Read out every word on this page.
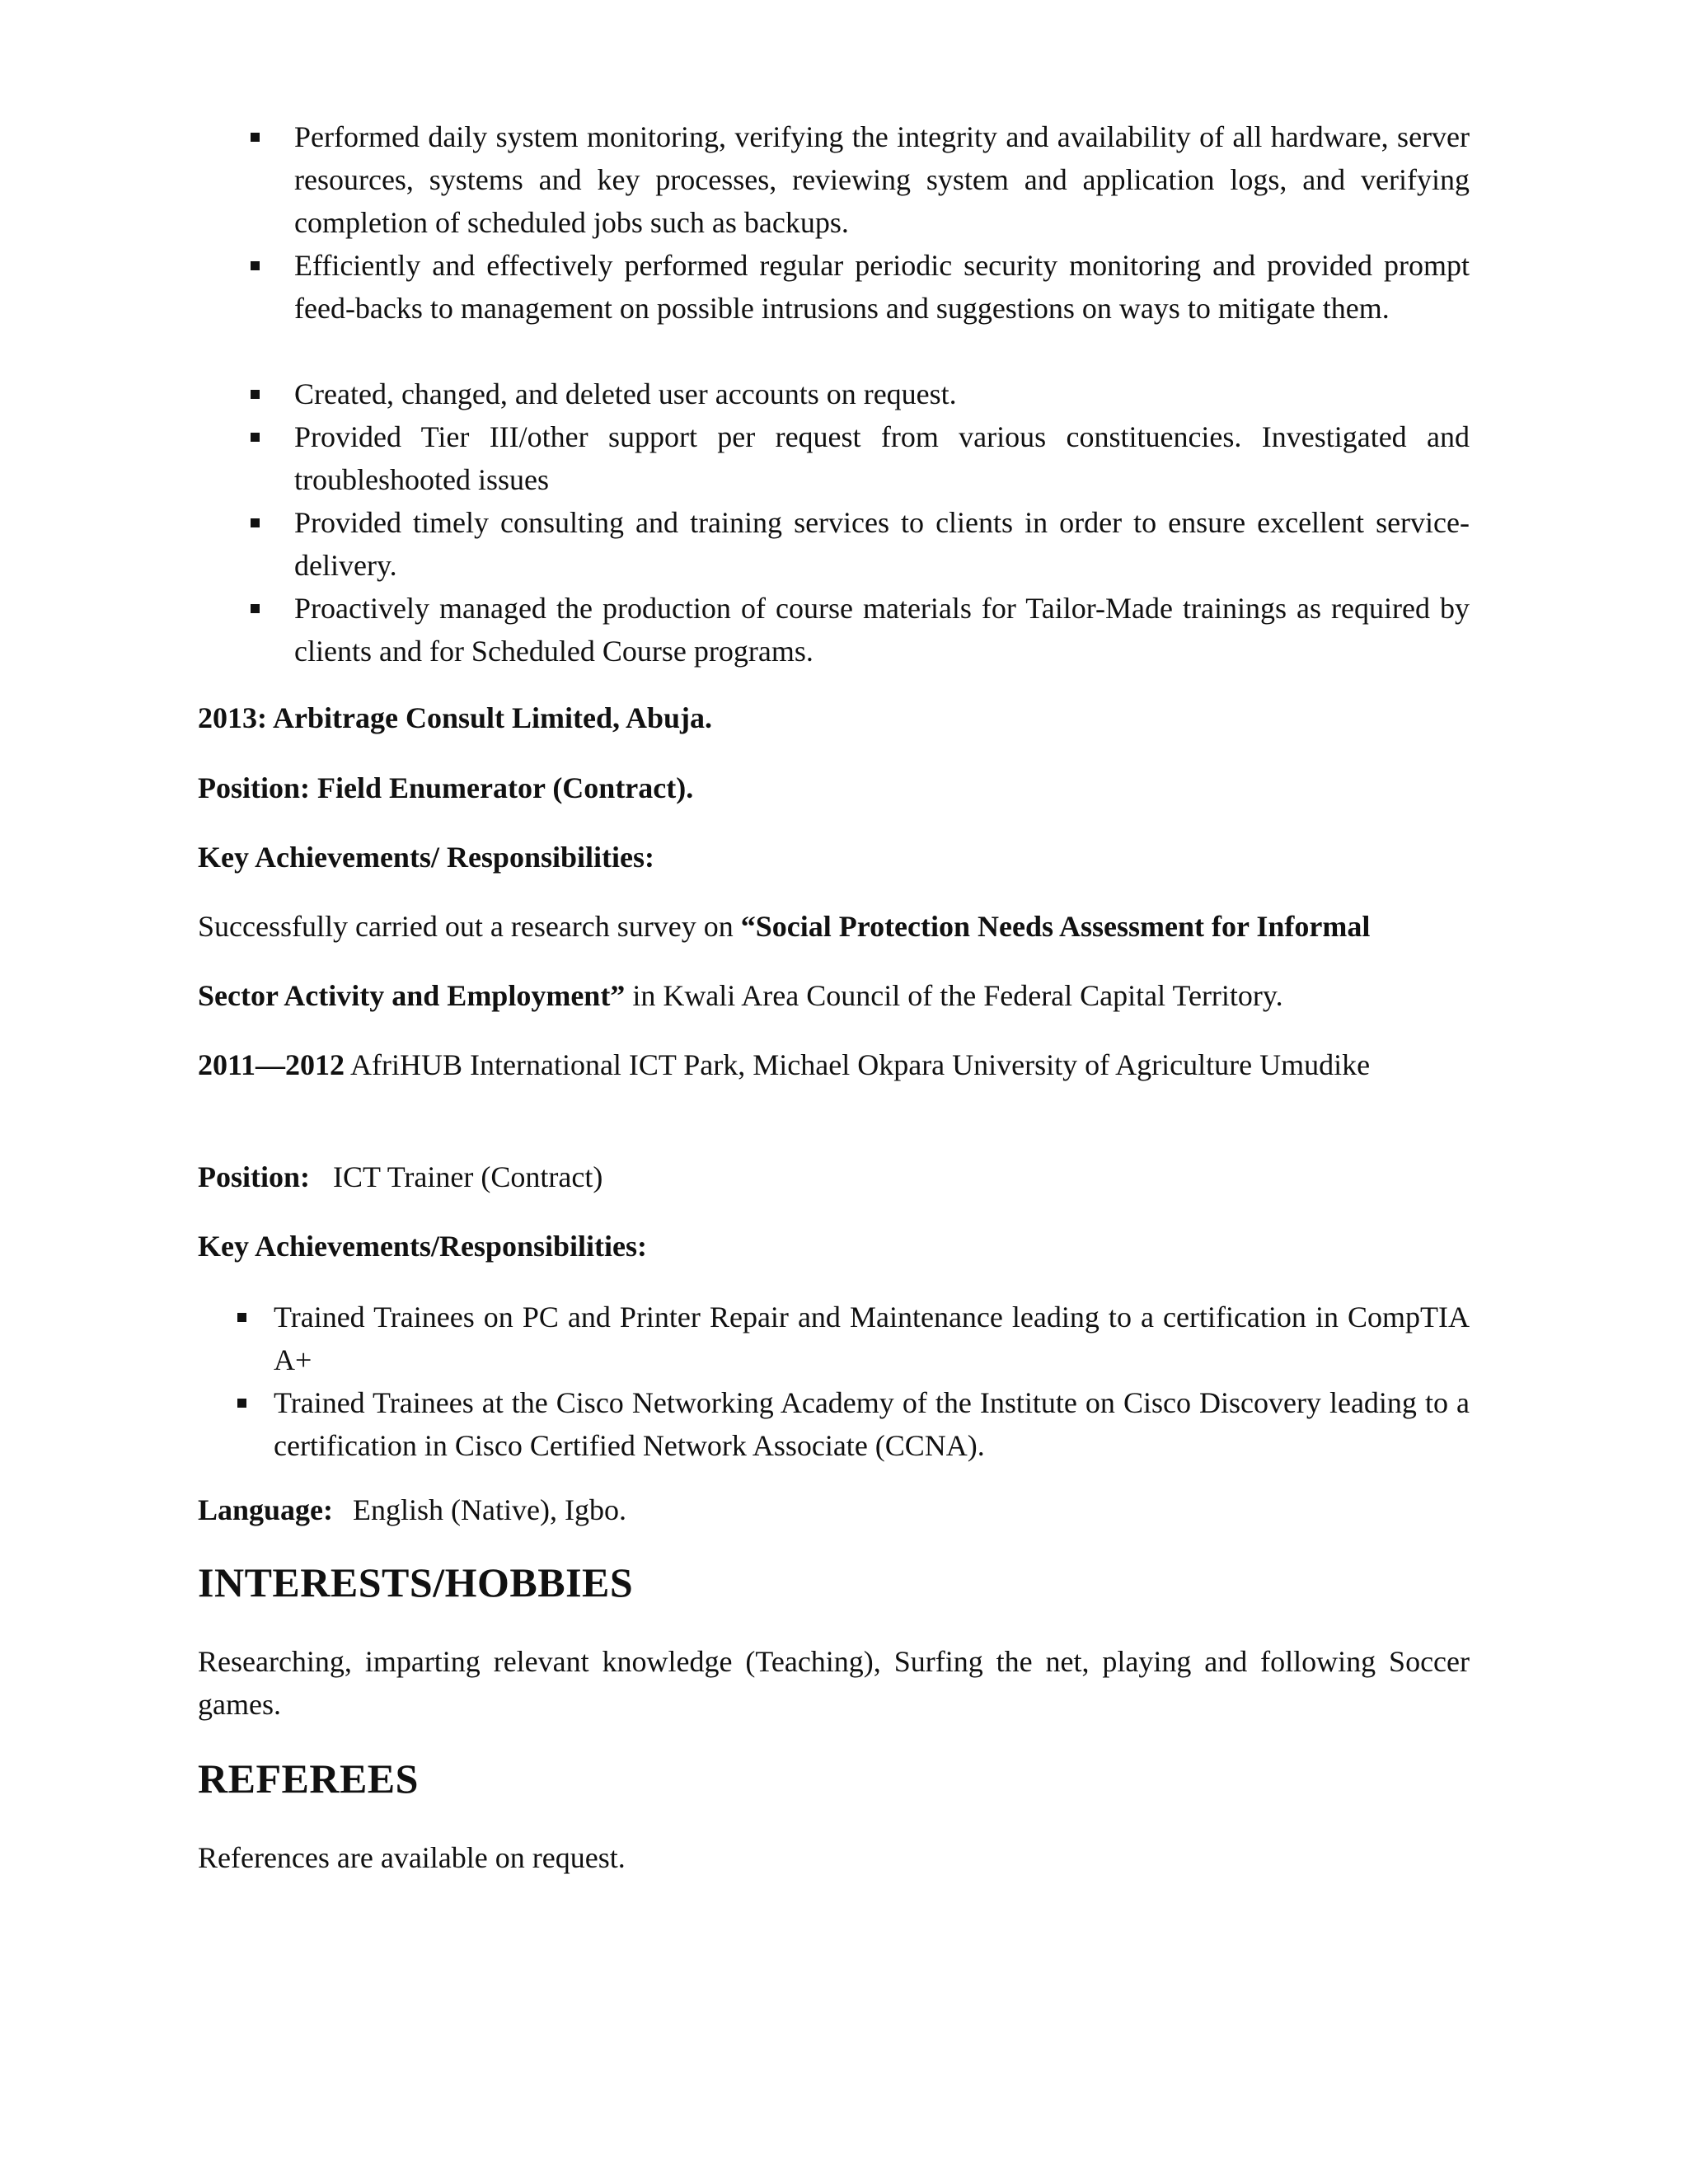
Performed daily system monitoring, verifying the integrity and availability of all hardware, server resources, systems and key processes, reviewing system and application logs, and verifying completion of scheduled jobs such as backups.
Efficiently and effectively performed regular periodic security monitoring and provided prompt feed-backs to management on possible intrusions and suggestions on ways to mitigate them.
Created, changed, and deleted user accounts on request.
Provided Tier III/other support per request from various constituencies. Investigated and troubleshooted issues
Provided timely consulting and training services to clients in order to ensure excellent service-delivery.
Proactively managed the production of course materials for Tailor-Made trainings as required by clients and for Scheduled Course programs.
2013: Arbitrage Consult Limited, Abuja.
Position: Field Enumerator (Contract).
Key Achievements/ Responsibilities:
Successfully carried out a research survey on “Social Protection Needs Assessment for Informal
Sector Activity and Employment” in Kwali Area Council of the Federal Capital Territory.
2011—2012 AfriHUB International ICT Park, Michael Okpara University of Agriculture Umudike
Position: ICT Trainer (Contract)
Key Achievements/Responsibilities:
Trained Trainees on PC and Printer Repair and Maintenance leading to a certification in CompTIA A+
Trained Trainees at the Cisco Networking Academy of the Institute on Cisco Discovery leading to a certification in Cisco Certified Network Associate (CCNA).
Language: English (Native), Igbo.
INTERESTS/HOBBIES
Researching, imparting relevant knowledge (Teaching), Surfing the net, playing and following Soccer games.
REFEREES
References are available on request.
